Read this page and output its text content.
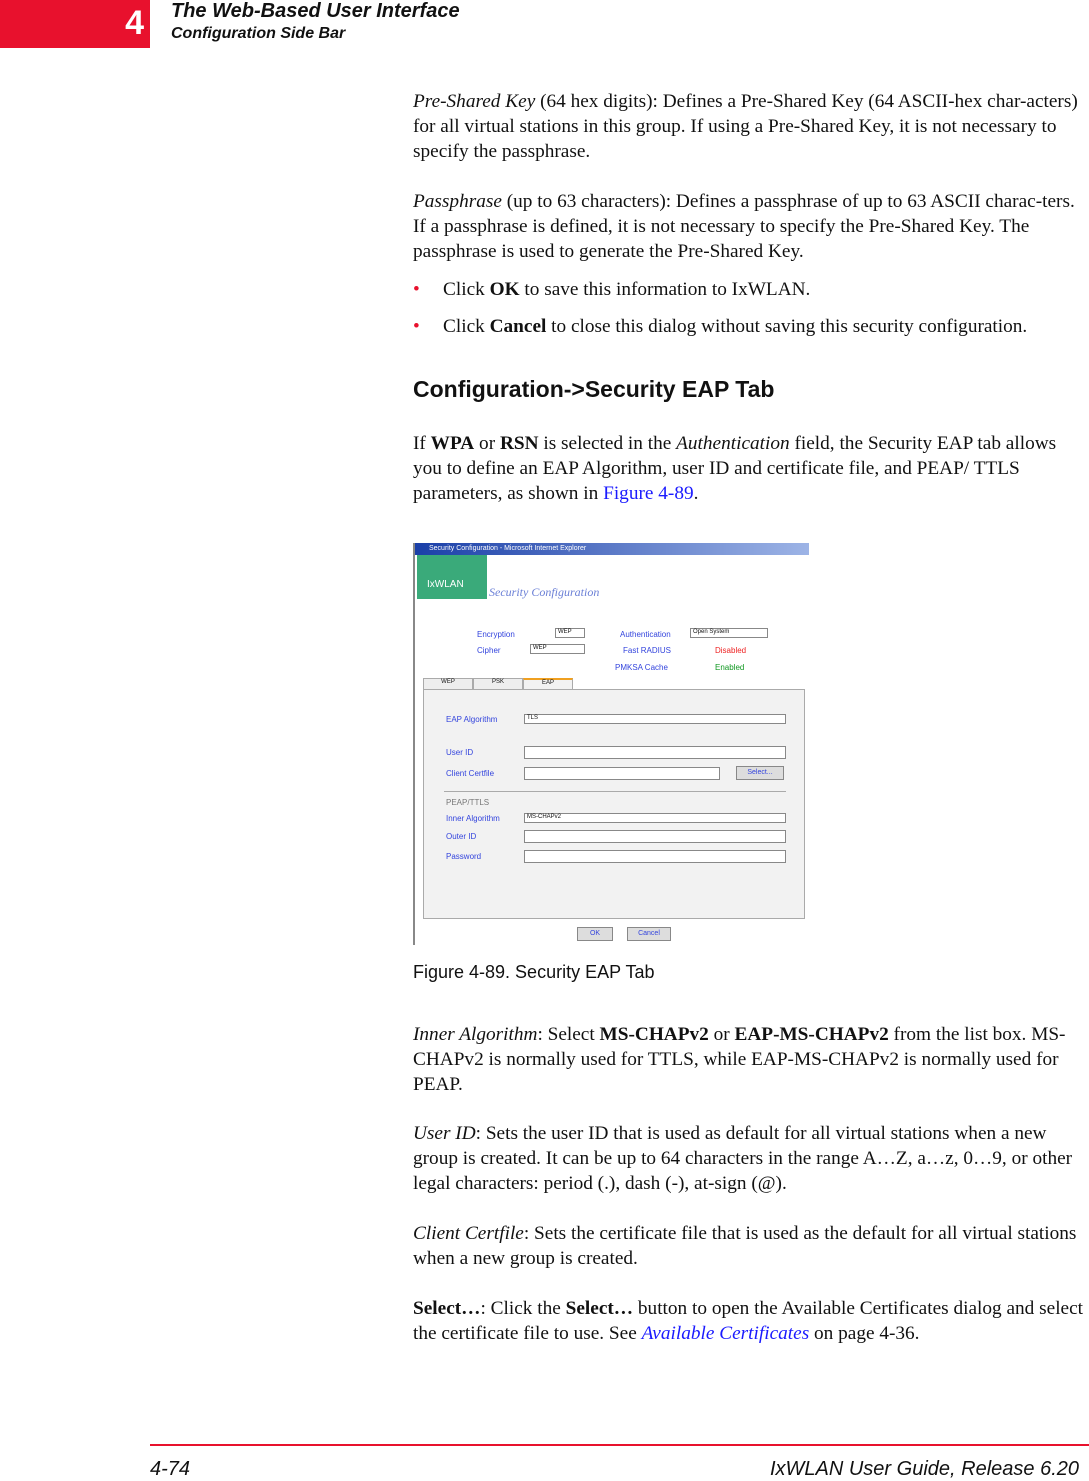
4	The Web-Based User Interface
Configuration Side Bar
Pre-Shared Key (64 hex digits): Defines a Pre-Shared Key (64 ASCII-hex char-acters) for all virtual stations in this group. If using a Pre-Shared Key, it is not necessary to specify the passphrase.
Passphrase (up to 63 characters): Defines a passphrase of up to 63 ASCII charac-ters. If a passphrase is defined, it is not necessary to specify the Pre-Shared Key. The passphrase is used to generate the Pre-Shared Key.
• Click OK to save this information to IxWLAN.
• Click Cancel to close this dialog without saving this security configuration.
Configuration->Security EAP Tab
If WPA or RSN is selected in the Authentication field, the Security EAP tab allows you to define an EAP Algorithm, user ID and certificate file, and PEAP/ TTLS parameters, as shown in Figure 4-89.
Security Configuration - Microsoft Internet Explorer
IxWLAN
Security Configuration
Encryption	WEP
Cipher	WEP
Authentication	Open System
Fast RADIUS	Disabled
PMKSA Cache	Enabled
WEP	PSK	EAP
EAP Algorithm	TLS
User ID
Client Certfile	Select...
PEAP/TTLS
Inner Algorithm	MS-CHAPv2
Outer ID
Password
OK	Cancel
Figure 4-89. Security EAP Tab
Inner Algorithm: Select MS-CHAPv2 or EAP-MS-CHAPv2 from the list box. MS-CHAPv2 is normally used for TTLS, while EAP-MS-CHAPv2 is normally used for PEAP.
User ID: Sets the user ID that is used as default for all virtual stations when a new group is created. It can be up to 64 characters in the range A…Z, a…z, 0…9, or other legal characters: period (.), dash (-), at-sign (@).
Client Certfile: Sets the certificate file that is used as the default for all virtual stations when a new group is created.
Select…: Click the Select… button to open the Available Certificates dialog and select the certificate file to use. See Available Certificates on page 4-36.
4-74	IxWLAN User Guide, Release 6.20
